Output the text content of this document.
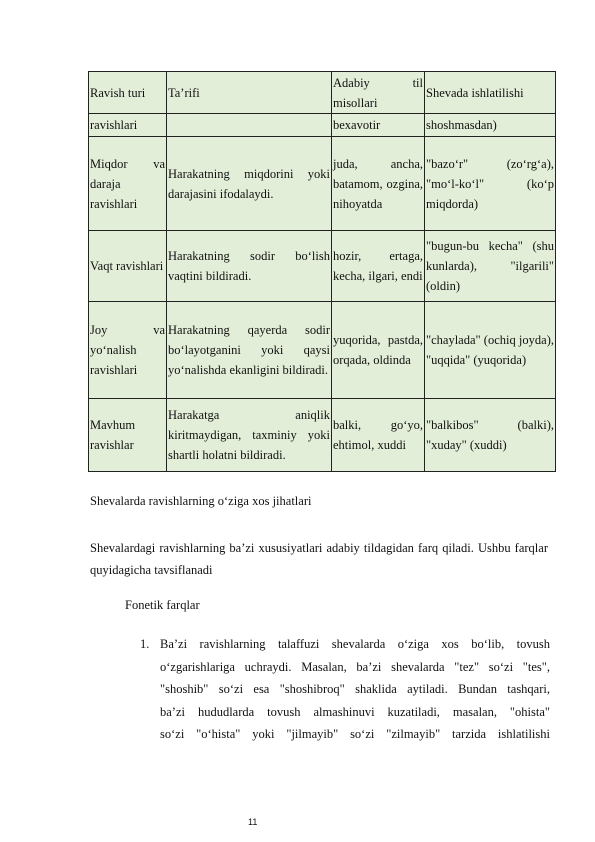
Ravish turi	Ta’rifi	Adabiy til misollari	Shevada ishlatilishi
ravishlari		bexavotir	shoshmasdan)
Miqdor va daraja ravishlari	Harakatning miqdorini yoki darajasini ifodalaydi.	juda, ancha, batamom, ozgina, nihoyatda	"bazo‘r" (zo‘rg‘a), "mo‘l-ko‘l" (ko‘p miqdorda)
Vaqt ravishlari	Harakatning sodir bo‘lish vaqtini bildiradi.	hozir, ertaga, kecha, ilgari, endi	"bugun-bu kecha" (shu kunlarda), "ilgarili" (oldin)
Joy va yo‘nalish ravishlari	Harakatning qayerda sodir bo‘layotganini yoki qaysi yo‘nalishda ekanligini bildiradi.	yuqorida, pastda, orqada, oldinda	"chaylada" (ochiq joyda), "uqqida" (yuqorida)
Mavhum ravishlar	Harakatga aniqlik kiritmaydigan, taxminiy yoki shartli holatni bildiradi.	balki, go‘yo, ehtimol, xuddi	"balkibos" (balki), "xuday" (xuddi)
Shevalarda ravishlarning o‘ziga xos jihatlari
Shevalardagi ravishlarning ba’zi xususiyatlari adabiy tildagidan farq qiladi. Ushbu farqlar quyidagicha tavsiflanadi
Fonetik farqlar
1. Ba’zi ravishlarning talaffuzi shevalarda o‘ziga xos bo‘lib, tovush
o‘zgarishlariga uchraydi. Masalan, ba’zi shevalarda "tez" so‘zi "tes",
"shoshib" so‘zi esa "shoshibroq" shaklida aytiladi. Bundan tashqari,
ba’zi hududlarda tovush almashinuvi kuzatiladi, masalan, "ohista"
so‘zi "o‘hista" yoki "jilmayib" so‘zi "zilmayib" tarzida ishlatilishi
11
